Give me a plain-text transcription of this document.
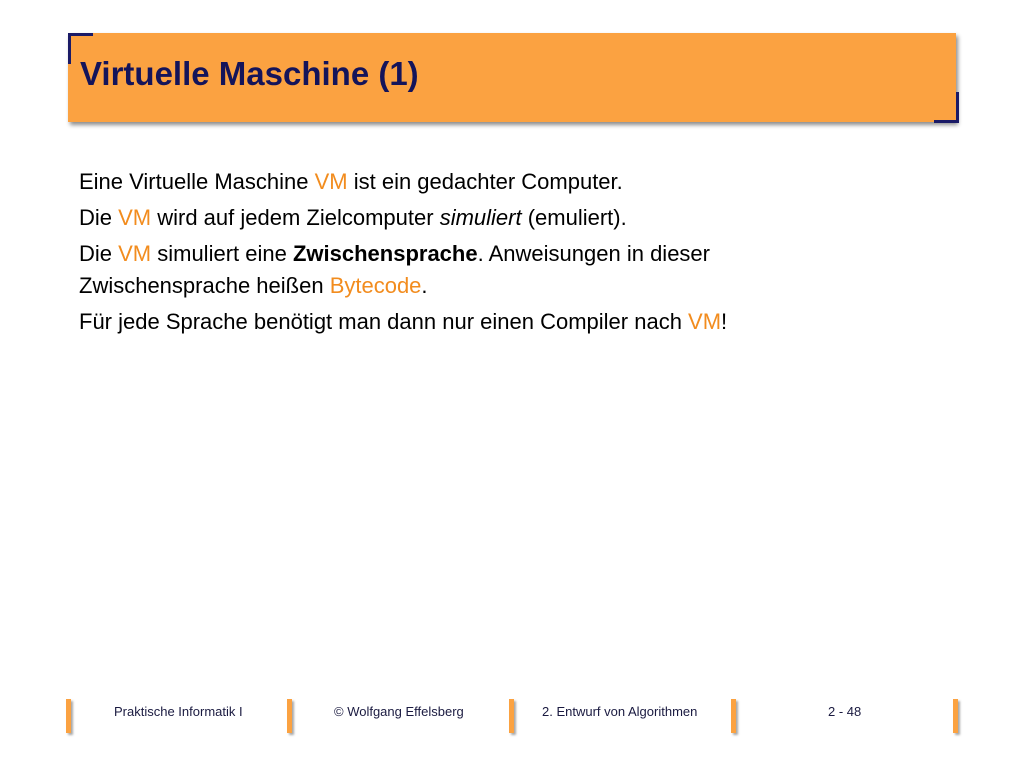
Virtuelle Maschine (1)

Eine Virtuelle Maschine VM ist ein gedachter Computer.

Die VM wird auf jedem Zielcomputer simuliert (emuliert).

Die VM simuliert eine Zwischensprache. Anweisungen in dieser Zwischensprache heißen Bytecode.

Für jede Sprache benötigt man dann nur einen Compiler nach VM!

Praktische Informatik I	© Wolfgang Effelsberg	2. Entwurf von Algorithmen	2 - 48
